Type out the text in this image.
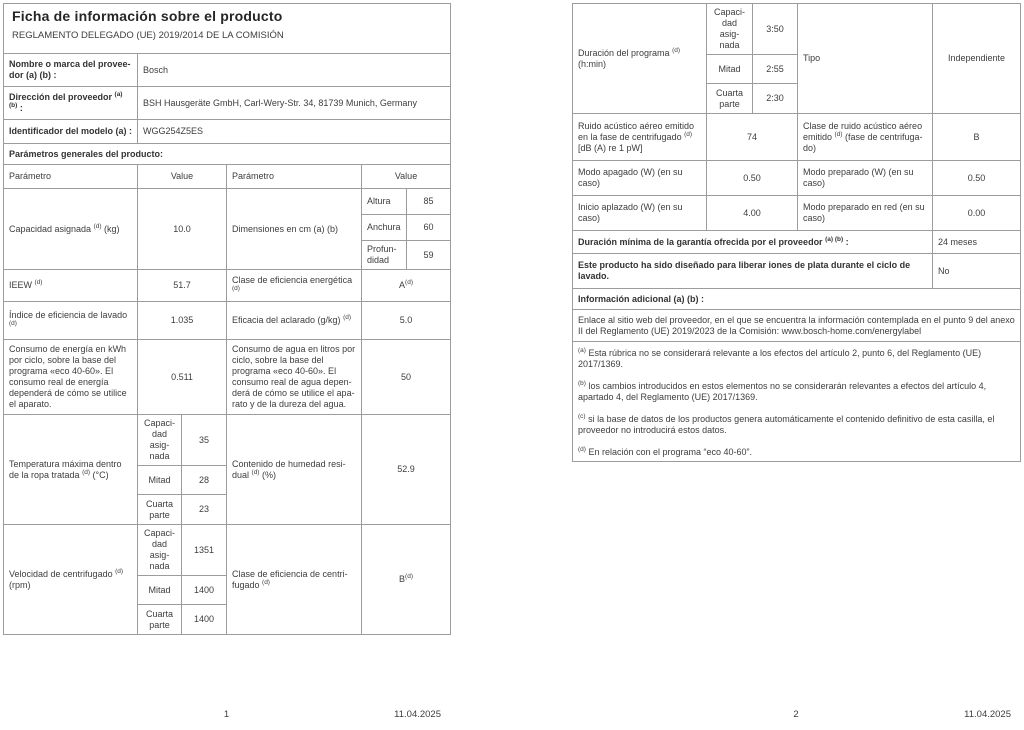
Ficha de información sobre el producto
REGLAMENTO DELEGADO (UE) 2019/2014 DE LA COMISIÓN					

Nombre o marca del proveedor (a) (b) :	Bosch				
Dirección del proveedor $^{(a) (b)}$ :	BSH Hausgeräte GmbH, Carl-Wery-Str. 34, 81739 Munich, Germany				
Identificador del modelo (a) :	WGG254Z5ES				
Parámetros generales del producto:					
Parámetro	Value		Parámetro	Value	
Capacidad asignada $^{(d)}$ (kg)	10.0		Dimensiones en cm (a) (b)	Altura	85
				Anchura	60
				Profundidad	59
IEEW $^{(d)}$	51.7		Clase de eficiencia energética $^{(d)}$	$A^{(d)}$
Índice de eficiencia de lavado $^{(d)}$	1.035		Eficacia del aclarado (g/kg) $^{(d)}$	5.0	
Consumo de energía en kWh por ciclo, sobre la base del programa «eco 40-60». El consumo real de energía dependerá de cómo se utilice el aparato.	0.511		Consumo de agua en litros por ciclo, sobre la base del programa «eco 40-60». El consumo real de agua dependerá de cómo se utilice el aparato y de la dureza del agua.	50	
Temperatura máxima dentro de la ropa tratada $^{(d)}$ (°C)	Capacidad asignada	35	Contenido de humedad residual $^{(d)}$ (%)	52.9	
	Mitad	28			
	Cuarta parte	23			
Velocidad de centrifugado $^{(d)}$ (rpm)	Capacidad asignada	1351	Clase de eficiencia de centrifugado $^{(d)}$	$B^{(d)}$
	Mitad	1400			
	Cuarta parte	1400			
Duración del programa $^{(d)}$ (h:min)	Capacidad asignada	3:50	Tipo	Independiente
	Mitad	2:55		
	Cuarta parte	2:30		
Ruido acústico aéreo emitido en la fase de centrifugado $^{(d)}$ [dB (A) re 1 pW]	74		Clase de ruido acústico aéreo emitido $^{(d)}$ (fase de centrifugado)	B
Modo apagado (W) (en su caso)	0.50		Modo preparado (W) (en su caso)	0.50
Inicio aplazado (W) (en su caso)	4.00		Modo preparado en red (en su caso)	0.00
Duración mínima de la garantía ofrecida por el proveedor $^{(a) (b)}$ :				24 meses
Este producto ha sido diseñado para liberar iones de plata durante el ciclo de lavado.				No
Información adicional (a) (b) :				
Enlace al sitio web del proveedor, en el que se encuentra la información contemplada en el punto 9 del anexo II del Reglamento (UE) 2019/2023 de la Comisión: www.bosch-home.com/energylabel				

$^{(a)}$ Esta rúbrica no se considerará relevante a los efectos del artículo 2, punto 6, del Reglamento (UE) 2017/1369.
$^{(b)}$ los cambios introducidos en estos elementos no se considerarán relevantes a efectos del artículo 4, apartado 4, del Reglamento (UE) 2017/1369.
$^{(c)}$ si la base de datos de los productos genera automáticamente el contenido definitivo de esta casilla, el proveedor no introducirá estos datos.
$^{(d)}$ En relación con el programa “eco 40-60”.				
1	11.04.2025	2	11.04.2025
